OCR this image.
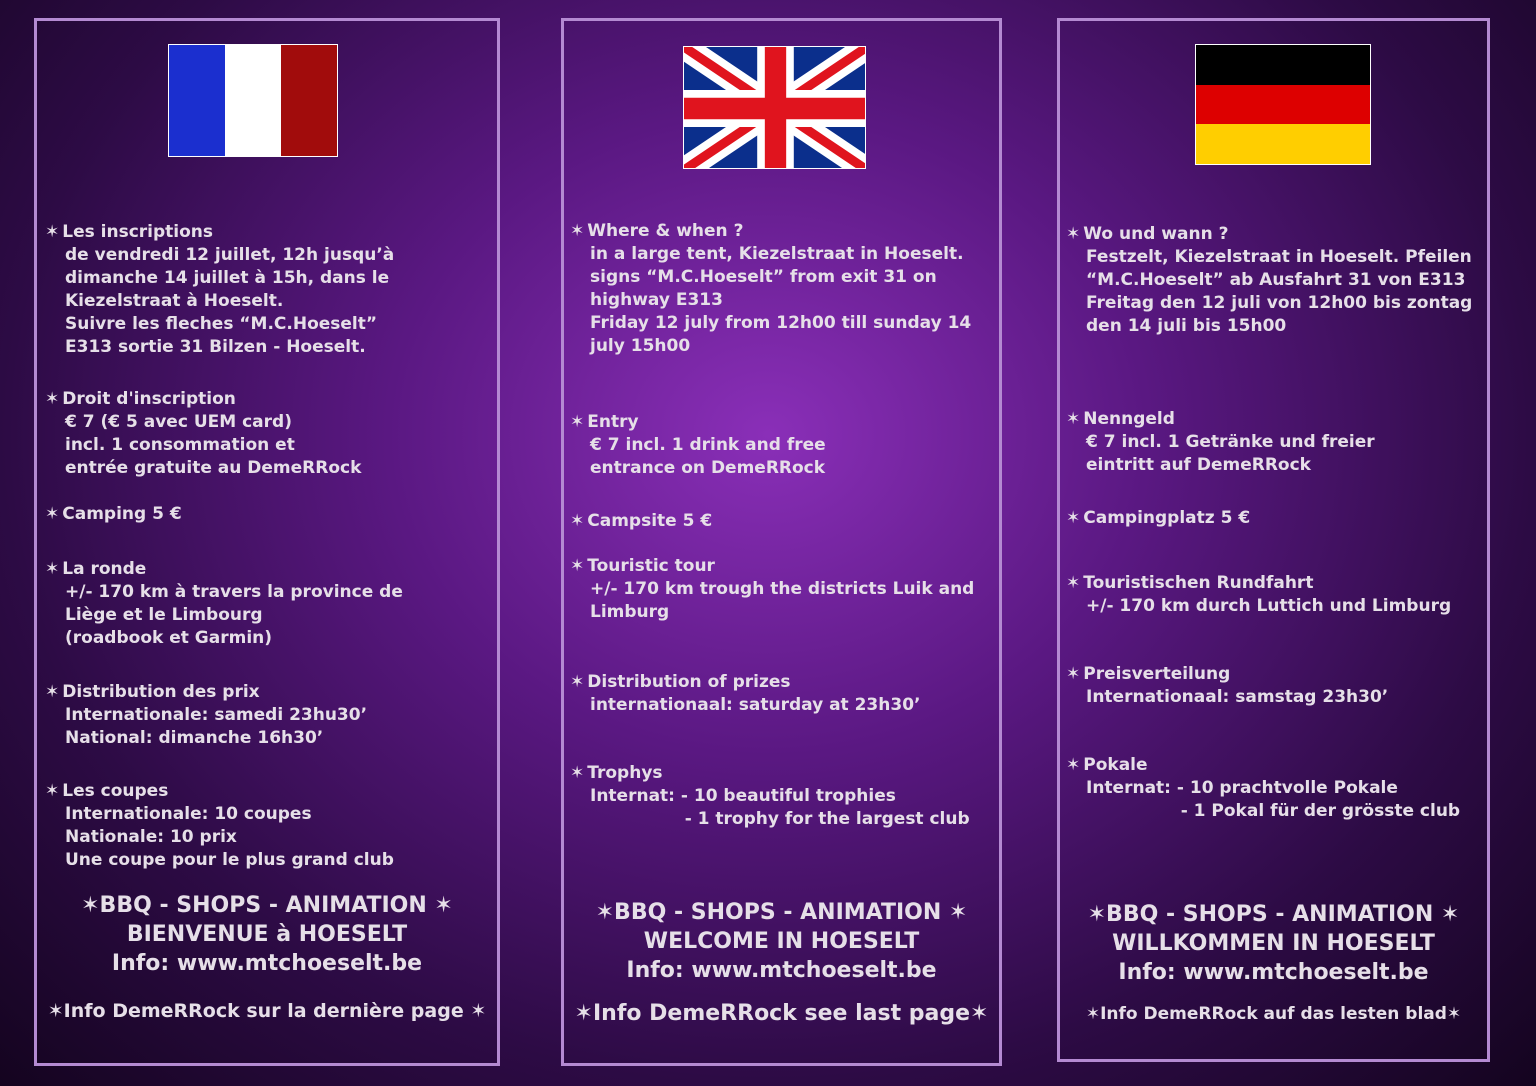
✶ Les inscriptions
de vendredi 12 juillet, 12h jusqu’à
dimanche 14 juillet à 15h, dans le
Kiezelstraat à Hoeselt.
Suivre les fleches “M.C.Hoeselt”
E313 sortie 31 Bilzen - Hoeselt.
✶ Droit d'inscription
€ 7 (€ 5 avec UEM card)
incl. 1 consommation et
entrée gratuite au DemeRRock
✶ Camping 5 €
✶ La ronde
+/- 170 km à travers la province de
Liège et le Limbourg
(roadbook et Garmin)
✶ Distribution des prix
Internationale: samedi 23hu30’
National: dimanche 16h30’
✶ Les coupes
Internationale: 10 coupes
Nationale: 10 prix
Une coupe pour le plus grand club
✶BBQ - SHOPS - ANIMATION ✶
BIENVENUE à HOESELT
Info: www.mtchoeselt.be
✶Info DemeRRock sur la dernière page ✶
✶ Where & when ?
in a large tent, Kiezelstraat in Hoeselt.
signs “M.C.Hoeselt” from exit 31 on
highway E313
Friday 12 july from 12h00 till sunday 14
july 15h00
✶ Entry
€ 7 incl. 1 drink and free
entrance on DemeRRock
✶ Campsite 5 €
✶ Touristic tour
+/- 170 km trough the districts Luik and
Limburg
✶ Distribution of prizes
internationaal: saturday at 23h30’
✶ Trophys
Internat: - 10 beautiful trophies
- 1 trophy for the largest club
✶BBQ - SHOPS - ANIMATION ✶
WELCOME IN HOESELT
Info: www.mtchoeselt.be
✶Info DemeRRock see last page✶
✶ Wo und wann ?
Festzelt, Kiezelstraat in Hoeselt. Pfeilen
“M.C.Hoeselt” ab Ausfahrt 31 von E313
Freitag den 12 juli von 12h00 bis zontag
den 14 juli bis 15h00
✶ Nenngeld
€ 7 incl. 1 Getränke und freier
eintritt auf DemeRRock
✶ Campingplatz 5 €
✶ Touristischen Rundfahrt
+/- 170 km durch Luttich und Limburg
✶ Preisverteilung
Internationaal: samstag 23h30’
✶ Pokale
Internat: - 10 prachtvolle Pokale
- 1 Pokal für der grösste club
✶BBQ - SHOPS - ANIMATION ✶
WILLKOMMEN IN HOESELT
Info: www.mtchoeselt.be
✶Info DemeRRock auf das lesten blad✶
